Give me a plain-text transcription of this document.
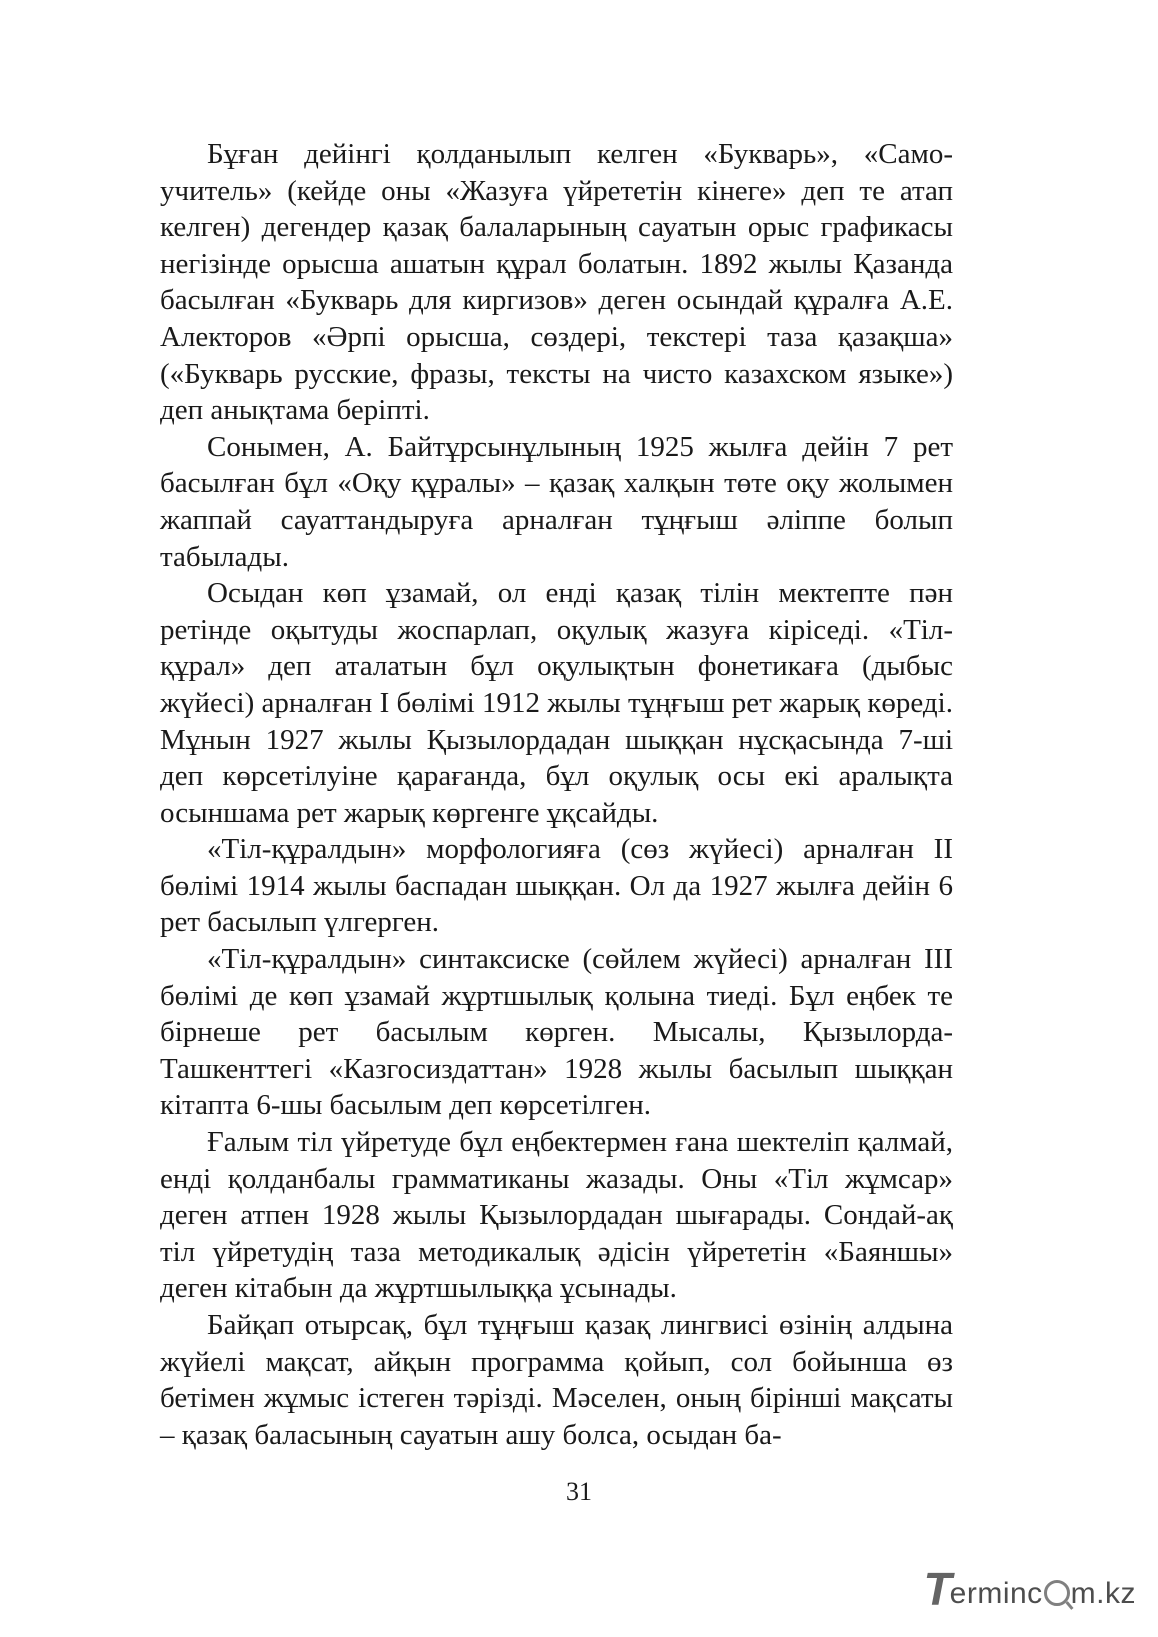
Бұған дейінгі қолданылып келген «Букварь», «Самоучитель» (кейде оны «Жазуға үйрететін кінеге» деп те атап келген) дегендер қазақ балаларының сауатын орыс графикасы негізінде орысша ашатын құрал болатын. 1892 жылы Қазанда басылған «Букварь для киргизов» деген осындай құралға А.Е. Алекторов «Әрпі орысша, сөздері, текстері таза қазақша» («Букварь русские, фразы, тексты на чисто казахском языке») деп анықтама беріпті.

Сонымен, А. Байтұрсынұлының 1925 жылға дейін 7 рет басылған бұл «Оқу құралы» – қазақ халқын төте оқу жолымен жаппай сауаттандыруға арналған тұңғыш әліппе болып табылады.

Осыдан көп ұзамай, ол енді қазақ тілін мектепте пән ретінде оқытуды жоспарлап, оқулық жазуға кіріседі. «Тілқұрал» деп аталатын бұл оқулықтын фонетикаға (дыбыс жүйесі) арналған I бөлімі 1912 жылы тұңғыш рет жарық көреді. Мұнын 1927 жылы Қызылордадан шыққан нұсқасында 7-ші деп көрсетілуіне қарағанда, бұл оқулық осы екі аралықта осыншама рет жарық көргенге ұқсайды.

«Тіл-құралдын» морфологияға (сөз жүйесі) арналған II бөлімі 1914 жылы баспадан шыққан. Ол да 1927 жылға дейін 6 рет басылып үлгерген.

«Тіл-құралдын» синтаксиске (сөйлем жүйесі) арналған III бөлімі де көп ұзамай жұртшылық қолына тиеді. Бұл еңбек те бірнеше рет басылым көрген. Мысалы, Қызылорда-Ташкенттегі «Казгосиздаттан» 1928 жылы басылып шыққан кітапта 6-шы басылым деп көрсетілген.

Ғалым тіл үйретуде бұл еңбектермен ғана шектеліп қалмай, енді қолданбалы грамматиканы жазады. Оны «Тіл жұмсар» деген атпен 1928 жылы Қызылордадан шығарады. Сондай-ақ тіл үйретудің таза методикалық әдісін үйрететін «Баяншы» деген кітабын да жұртшылыққа ұсынады.

Байқап отырсақ, бұл тұңғыш қазақ лингвисі өзінің алдына жүйелі мақсат, айқын программа қойып, сол бойынша өз бетімен жұмыс істеген тәрізді. Мәселен, оның бірінші мақсаты – қазақ баласының сауатын ашу болса, осыдан ба-

31
T
erminc m.kz
